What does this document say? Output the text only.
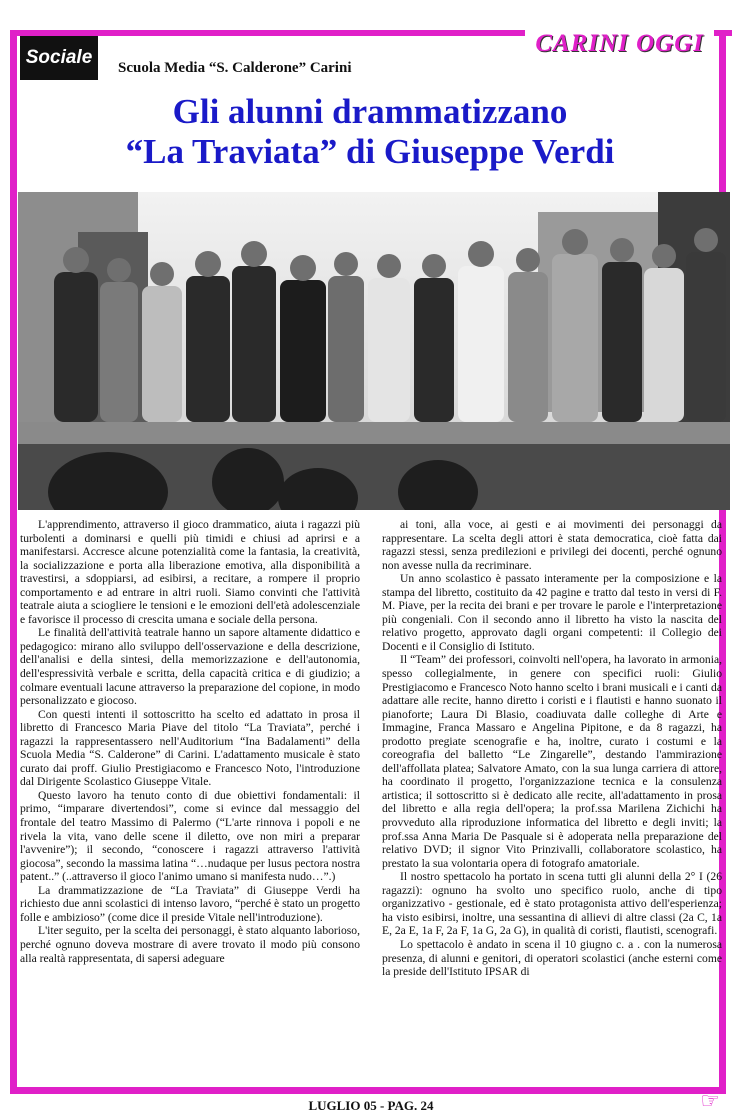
Sociale	Scuola Media “S. Calderone” Carini
CARINI OGGI
Gli alunni drammatizzano
“La Traviata” di Giuseppe Verdi

L'apprendimento, attraverso il gioco drammatico, aiuta i ragazzi più turbolenti a dominarsi e quelli più timidi e chiusi ad aprirsi e a manifestarsi. Accresce alcune potenzialità come la fantasia, la creatività, la socializzazione e porta alla liberazione emotiva, alla disponibilità a travestirsi, a sdoppiarsi, ad esibirsi, a recitare, a rompere il proprio comportamento e ad entrare in altri ruoli. Siamo convinti che l'attività teatrale aiuta a sciogliere le tensioni e le emozioni dell'età adolescenziale e favorisce il processo di crescita umana e sociale della persona.

Le finalità dell'attività teatrale hanno un sapore altamente didattico e pedagogico: mirano allo sviluppo dell'osservazione e della descrizione, dell'analisi e della sintesi, della memorizzazione e dell'autonomia, dell'espressività verbale e scritta, della capacità critica e di giudizio; a colmare eventuali lacune attraverso la preparazione del copione, in modo personalizzato e giocoso.

Con questi intenti il sottoscritto ha scelto ed adattato in prosa il libretto di Francesco Maria Piave del titolo “La Traviata”, perché i ragazzi la rappresentassero nell'Auditorium “Ina Badalamenti” della Scuola Media “S. Calderone” di Carini. L'adattamento musicale è stato curato dai proff. Giulio Prestigiacomo e Francesco Noto, l'introduzione dal Dirigente Scolastico Giuseppe Vitale.

Questo lavoro ha tenuto conto di due obiettivi fondamentali: il primo, “imparare divertendosi”, come si evince dal messaggio del frontale del teatro Massimo di Palermo (“L'arte rinnova i popoli e ne rivela la vita, vano delle scene il diletto, ove non miri a preparar l'avvenire”); il secondo, “conoscere i ragazzi attraverso l'attività giocosa”, secondo la massima latina “…nudaque per lusus pectora nostra patent..” (..attraverso il gioco l'animo umano si manifesta nudo…”.)

La drammatizzazione de “La Traviata” di Giuseppe Verdi ha richiesto due anni scolastici di intenso lavoro, “perché è stato un progetto folle e ambizioso” (come dice il preside Vitale nell'introduzione).

L'iter seguito, per la scelta dei personaggi, è stato alquanto laborioso, perché ognuno doveva mostrare di avere trovato il modo più consono alla realtà rappresentata, di sapersi adeguare

ai toni, alla voce, ai gesti e ai movimenti dei personaggi da rappresentare. La scelta degli attori è stata democratica, cioè fatta dai ragazzi stessi, senza predilezioni e privilegi dei docenti, perché ognuno non avesse nulla da recriminare.

Un anno scolastico è passato interamente per la composizione e la stampa del libretto, costituito da 42 pagine e tratto dal testo in versi di F. M. Piave, per la recita dei brani e per trovare le parole e l'interpretazione più congeniali. Con il secondo anno il libretto ha visto la nascita del relativo progetto, approvato dagli organi competenti: il Collegio dei Docenti e il Consiglio di Istituto.

Il “Team” dei professori, coinvolti nell'opera, ha lavorato in armonia, spesso collegialmente, in genere con specifici ruoli: Giulio Prestigiacomo e Francesco Noto hanno scelto i brani musicali e i canti da adattare alle recite, hanno diretto i coristi e i flautisti e hanno suonato il pianoforte; Laura Di Blasio, coadiuvata dalle colleghe di Arte e Immagine, Franca Massaro e Angelina Pipitone, e da 8 ragazzi, ha prodotto pregiate scenografie e ha, inoltre, curato i costumi e la coreografia del balletto “Le Zingarelle”, destando l'ammirazione dell'affollata platea; Salvatore Amato, con la sua lunga carriera di attore, ha coordinato il progetto, l'organizzazione tecnica e la consulenza artistica; il sottoscritto si è dedicato alle recite, all'adattamento in prosa del libretto e alla regia dell'opera; la prof.ssa Marilena Zichichi ha provveduto alla riproduzione informatica del libretto e degli inviti; la prof.ssa Anna Maria De Pasquale si è adoperata nella preparazione del relativo DVD; il signor Vito Prinzivalli, collaboratore scolastico, ha prestato la sua volontaria opera di fotografo amatoriale.

Il nostro spettacolo ha portato in scena tutti gli alunni della 2° I (26 ragazzi): ognuno ha svolto uno specifico ruolo, anche di tipo organizzativo - gestionale, ed è stato protagonista attivo dell'esperienza; ha visto esibirsi, inoltre, una sessantina di allievi di altre classi (2a C, 1a E, 2a E, 1a F, 2a F, 1a G, 2a G), in qualità di coristi, flautisti, scenografi.

Lo spettacolo è andato in scena il 10 giugno c. a . con la numerosa presenza, di alunni e genitori, di operatori scolastici (anche esterni come la preside dell'Istituto IPSAR di

☞
LUGLIO 05 - PAG. 24
